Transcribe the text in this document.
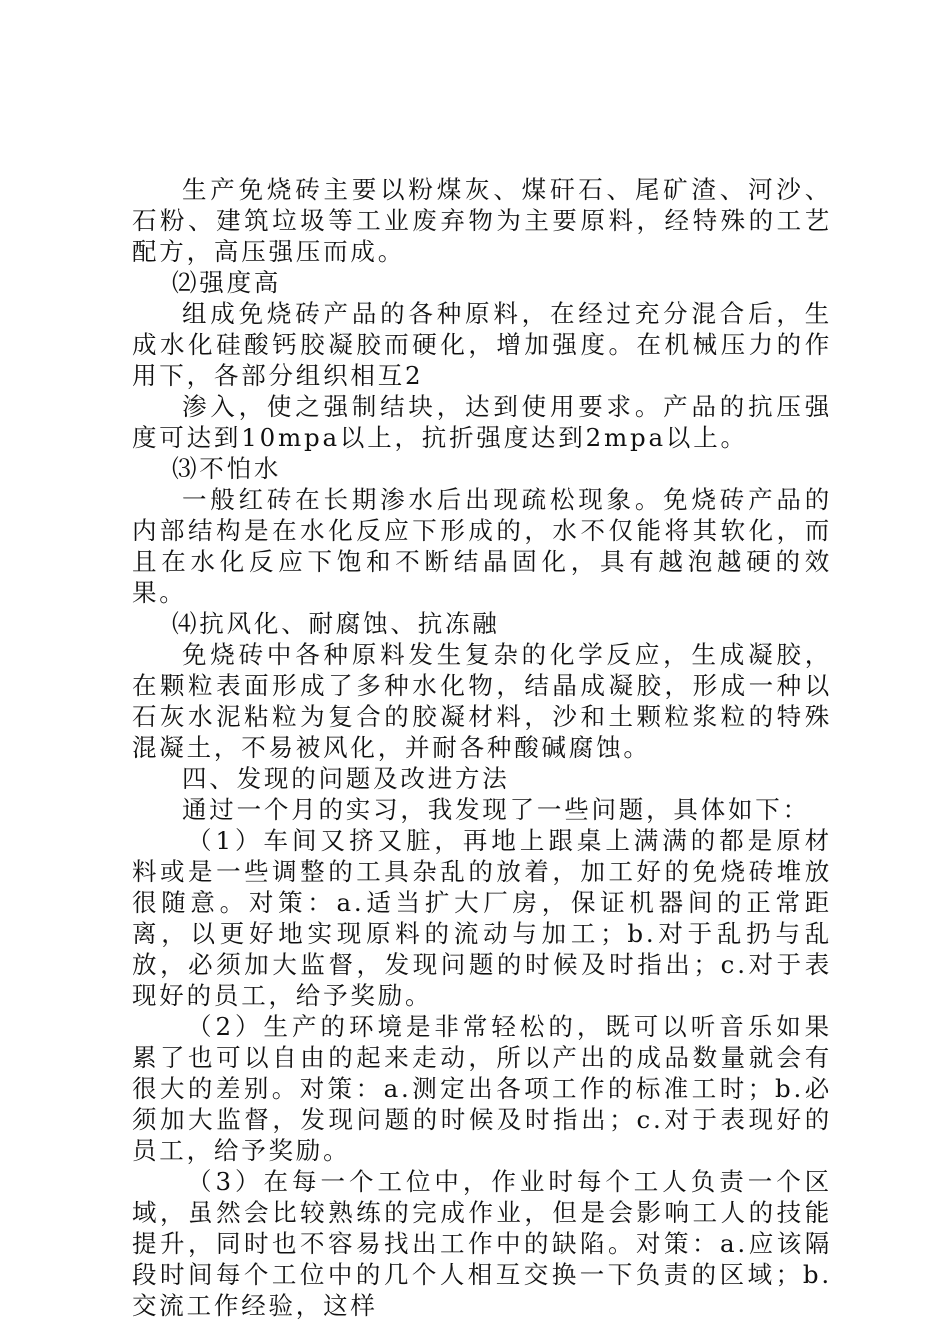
生产免烧砖主要以粉煤灰、煤矸石、尾矿渣、河沙、石粉、建筑垃圾等工业废弃物为主要原料，经特殊的工艺配方，高压强压而成。

⑵强度高

组成免烧砖产品的各种原料，在经过充分混合后，生成水化硅酸钙胶凝胶而硬化，增加强度。在机械压力的作用下，各部分组织相互2

渗入，使之强制结块，达到使用要求。产品的抗压强度可达到10mpa以上，抗折强度达到2mpa以上。

⑶不怕水

一般红砖在长期渗水后出现疏松现象。免烧砖产品的内部结构是在水化反应下形成的，水不仅能将其软化，而且在水化反应下饱和不断结晶固化，具有越泡越硬的效果。

⑷抗风化、耐腐蚀、抗冻融

免烧砖中各种原料发生复杂的化学反应，生成凝胶，在颗粒表面形成了多种水化物，结晶成凝胶，形成一种以石灰水泥粘粒为复合的胶凝材料，沙和土颗粒浆粒的特殊混凝土，不易被风化，并耐各种酸碱腐蚀。

四、发现的问题及改进方法

通过一个月的实习，我发现了一些问题，具体如下：

（1）车间又挤又脏，再地上跟桌上满满的都是原材料或是一些调整的工具杂乱的放着，加工好的免烧砖堆放很随意。对策：a.适当扩大厂房，保证机器间的正常距离，以更好地实现原料的流动与加工；b.对于乱扔与乱放，必须加大监督，发现问题的时候及时指出；c.对于表现好的员工，给予奖励。

（2）生产的环境是非常轻松的，既可以听音乐如果累了也可以自由的起来走动，所以产出的成品数量就会有很大的差别。对策：a.测定出各项工作的标准工时；b.必须加大监督，发现问题的时候及时指出；c.对于表现好的员工，给予奖励。

（3）在每一个工位中，作业时每个工人负责一个区域，虽然会比较熟练的完成作业，但是会影响工人的技能提升，同时也不容易找出工作中的缺陷。对策：a.应该隔段时间每个工位中的几个人相互交换一下负责的区域；b.交流工作经验，这样
